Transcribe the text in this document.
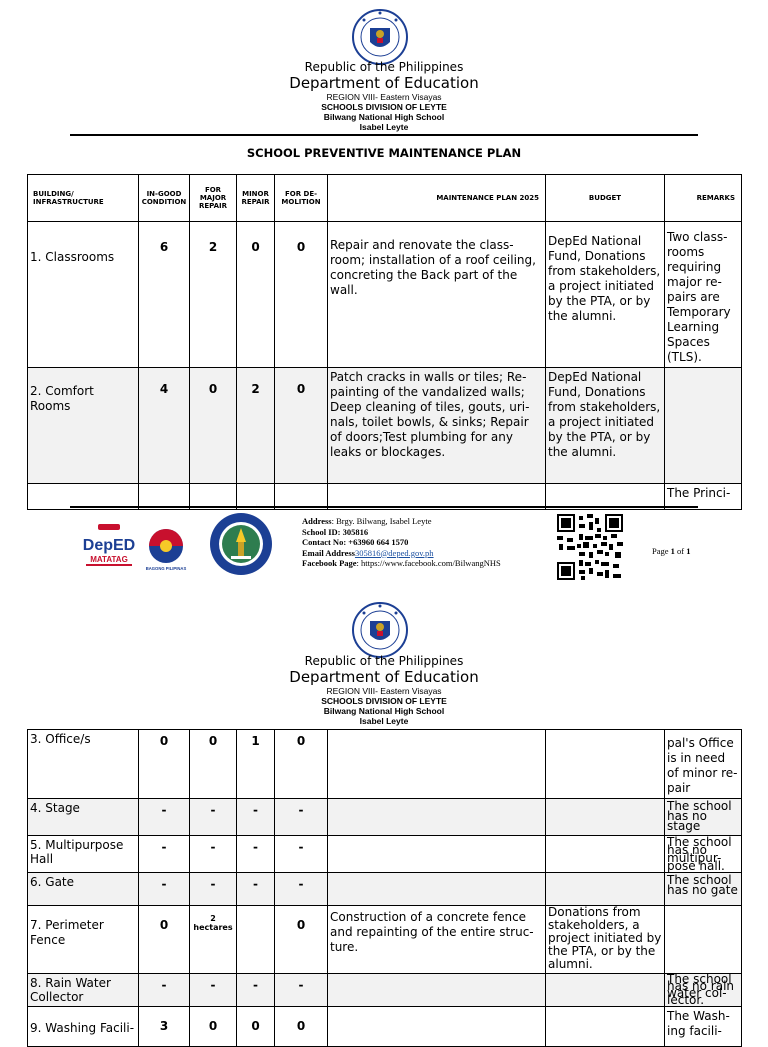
Republic of the Philippines
Department of Education
REGION VIII- Eastern Visayas
SCHOOLS DIVISION OF LEYTE
Bilwang National High School
Isabel Leyte
SCHOOL PREVENTIVE MAINTENANCE PLAN
BUILDING/ INFRASTRUCTURE	IN-GOOD CONDITION	FOR MAJOR REPAIR	MINOR REPAIR	FOR DE-MOLITION	MAINTENANCE PLAN 2025	BUDGET	REMARKS
1. Classrooms	6	2	0	0	Repair and renovate the class-room; installation of a roof ceiling, concreting the Back part of the wall.	DepEd National Fund, Donations from stakeholders, a project initiated by the PTA, or by the alumni.	Two class-rooms requiring major re-pairs are Temporary Learning Spaces (TLS).
2. Comfort Rooms	4	0	2	0	Patch cracks in walls or tiles; Re-painting of the vandalized walls; Deep cleaning of tiles, gouts, uri-nals, toilet bowls, & sinks; Repair of doors;Test plumbing for any leaks or blockages.	DepEd National Fund, Donations from stakeholders, a project initiated by the PTA, or by the alumni.	
							The Princi-
DepED
MATATAG
BAGONG PILIPINAS
Address: Brgy. Bilwang, Isabel Leyte
School ID: 305816
Contact No: +63960 664 1570
Email Address305816@deped.gov.ph
Facebook Page: https://www.facebook.com/BilwangNHS
Page 1 of 1
Republic of the Philippines
Department of Education
REGION VIII- Eastern Visayas
SCHOOLS DIVISION OF LEYTE
Bilwang National High School
Isabel Leyte
3. Office/s	0	0	1	0			pal's Office is in need of minor re-pair
4. Stage	-	-	-	-			The school has no stage
5. Multipurpose Hall	-	-	-	-			The school has no multipur-pose hall.
6. Gate	-	-	-	-			The school has no gate
7. Perimeter Fence	0	2 hectares		0	Construction of a concrete fence and repainting of the entire struc-ture.	Donations from stakeholders, a project initiated by the PTA, or by the alumni.	
8. Rain Water Collector	-	-	-	-			The school has no rain water col-lector.
9. Washing Facili-	3	0	0	0			The Wash-ing facili-
